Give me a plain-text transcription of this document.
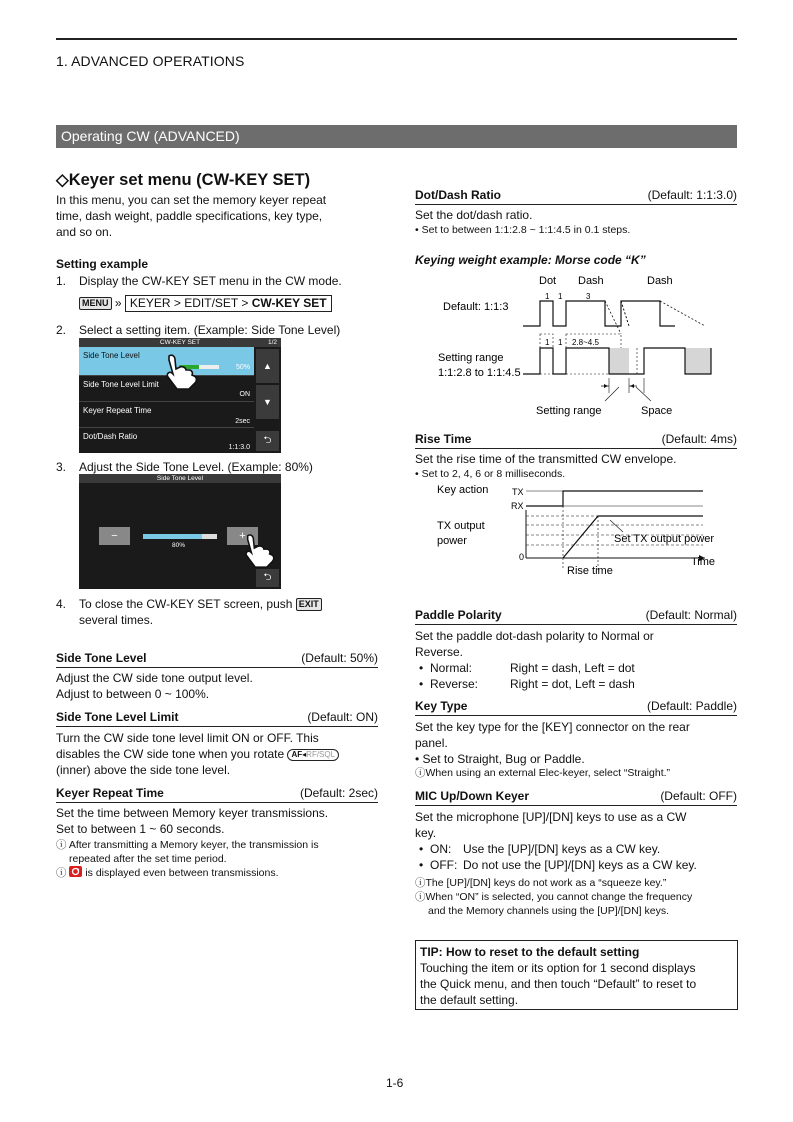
1. ADVANCED OPERATIONS
Operating CW (ADVANCED)
◇Keyer set menu (CW-KEY SET)
In this menu, you can set the memory keyer repeat
time, dash weight, paddle specifications, key type,
and so on.
Setting example
1. Display the CW-KEY SET menu in the CW mode.
MENU » KEYER > EDIT/SET > CW-KEY SET
2. Select a setting item. (Example: Side Tone Level)
CW-KEY SET	1/2
Side Tone Level
50%
Side Tone Level Limit
ON
Keyer Repeat Time
2sec
Dot/Dash Ratio
1:1:3.0
▲
▼
⮌
3. Adjust the Side Tone Level. (Example: 80%)
Side Tone Level
−
80%
+
⮌
4. To close the CW-KEY SET screen, push EXIT
several times.
Side Tone Level	(Default: 50%)
Adjust the CW side tone output level.
Adjust to between 0 ~ 100%.
Side Tone Level Limit	(Default: ON)
Turn the CW side tone level limit ON or OFF. This
disables the CW side tone when you rotate AF◂RF/SQL
(inner) above the side tone level.
Keyer Repeat Time	(Default: 2sec)
Set the time between Memory keyer transmissions.
Set to between 1 ~ 60 seconds.
ⓘ After transmitting a Memory keyer, the transmission is
repeated after the set time period.
ⓘ is displayed even between transmissions.
Dot/Dash Ratio	(Default: 1:1:3.0)
Set the dot/dash ratio.
• Set to between 1:1:2.8 ~ 1:1:4.5 in 0.1 steps.
Keying weight example: Morse code “K”
Dot Dash	Dash
1 1	3
Default: 1:1:3
1 1 2.8~4.5
Setting range
1:1:2.8 to 1:1:4.5
Setting range	Space
Rise Time	(Default: 4ms)
Set the rise time of the transmitted CW envelope.
• Set to 2, 4, 6 or 8 milliseconds.
Key action	TX
RX
TX output
power	Set TX output power
0	Time
Rise time
Paddle Polarity	(Default: Normal)
Set the paddle dot-dash polarity to Normal or
Reverse.
• Normal:	Right = dash, Left = dot
• Reverse:	Right = dot, Left = dash
Key Type	(Default: Paddle)
Set the key type for the [KEY] connector on the rear
panel.
• Set to Straight, Bug or Paddle.
ⓘWhen using an external Elec-keyer, select “Straight.”
MIC Up/Down Keyer	(Default: OFF)
Set the microphone [UP]/[DN] keys to use as a CW
key.
• ON: Use the [UP]/[DN] keys as a CW key.
• OFF: Do not use the [UP]/[DN] keys as a CW key.
ⓘThe [UP]/[DN] keys do not work as a “squeeze key.”
ⓘWhen “ON” is selected, you cannot change the frequency
and the Memory channels using the [UP]/[DN] keys.
TIP: How to reset to the default setting
Touching the item or its option for 1 second displays
the Quick menu, and then touch “Default” to reset to
the default setting.
1-6
